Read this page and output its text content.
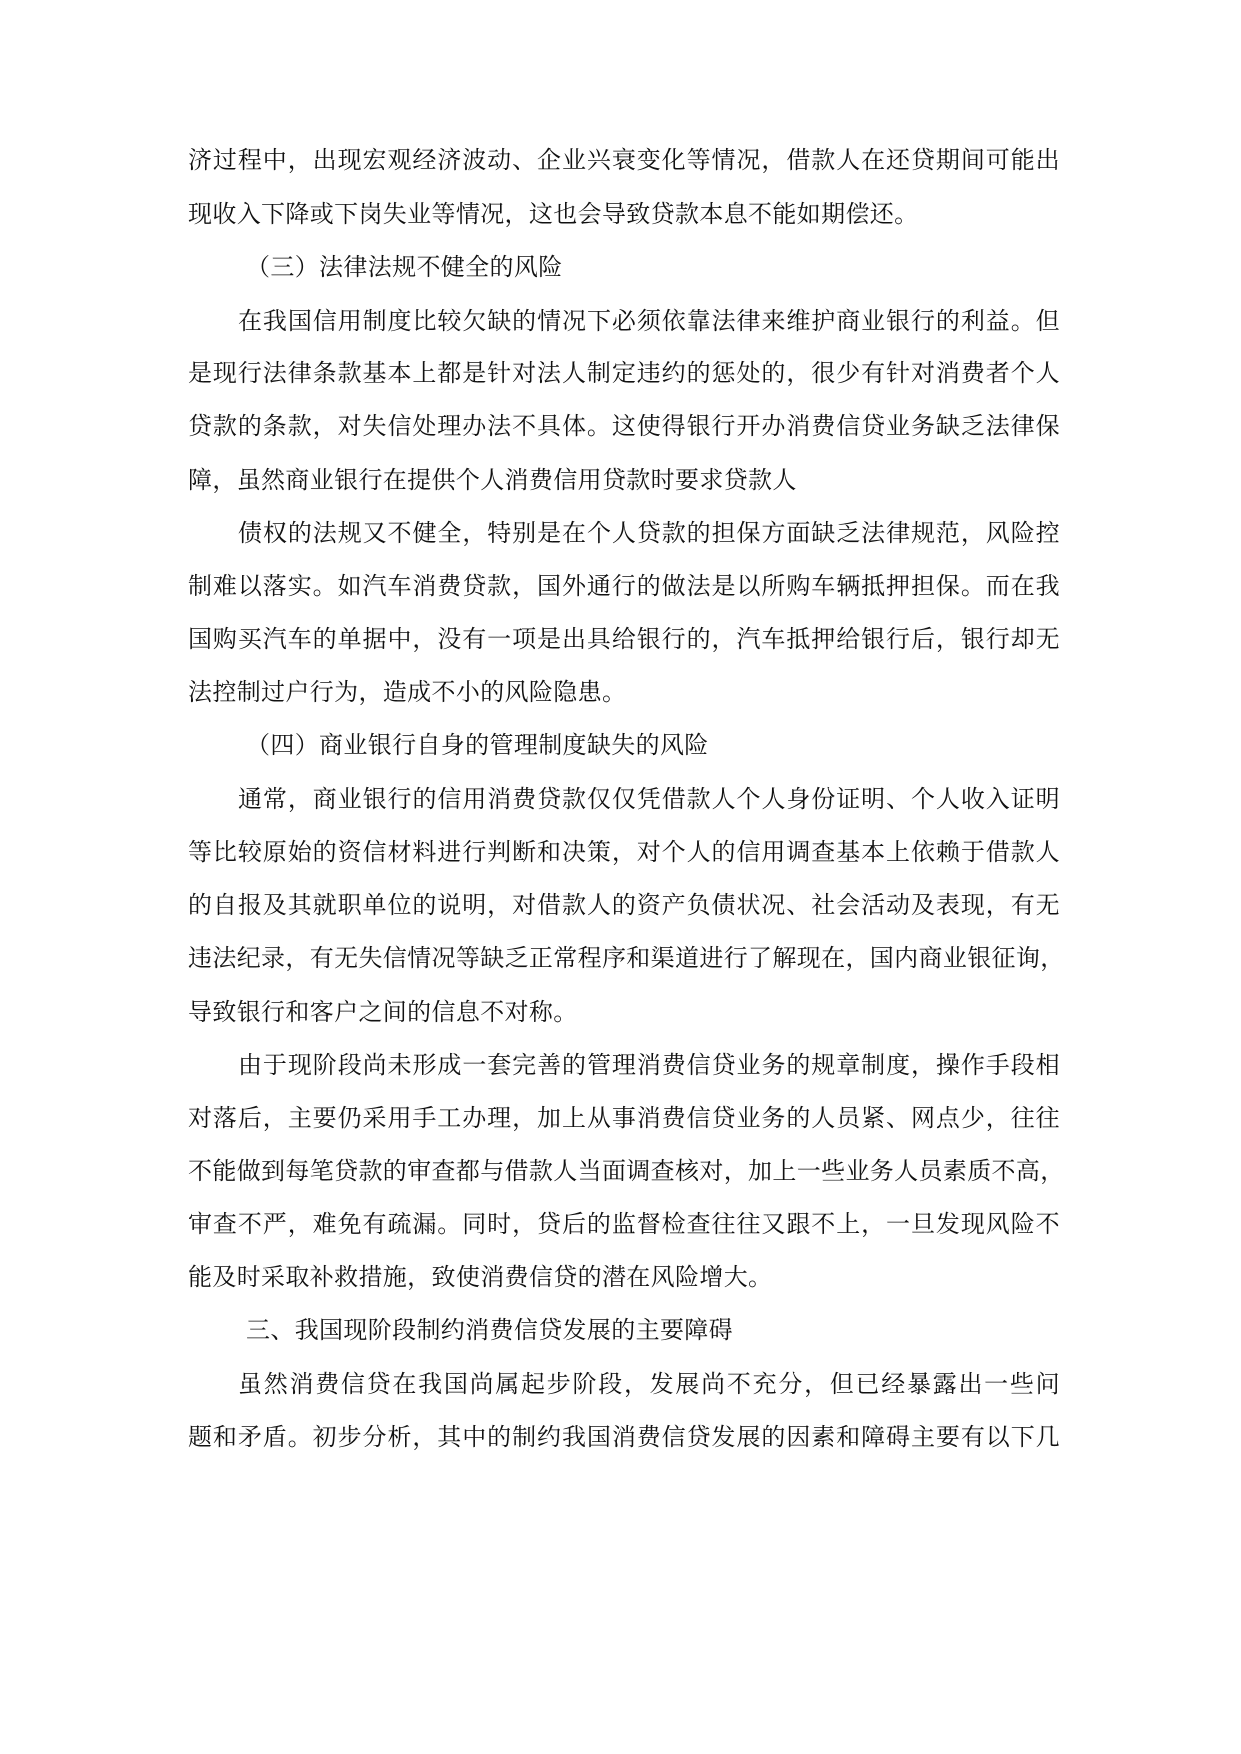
济过程中，出现宏观经济波动、企业兴衰变化等情况，借款人在还贷期间可能出
现收入下降或下岗失业等情况，这也会导致贷款本息不能如期偿还。
（三）法律法规不健全的风险
在我国信用制度比较欠缺的情况下必须依靠法律来维护商业银行的利益。但
是现行法律条款基本上都是针对法人制定违约的惩处的，很少有针对消费者个人
贷款的条款，对失信处理办法不具体。这使得银行开办消费信贷业务缺乏法律保
障，虽然商业银行在提供个人消费信用贷款时要求贷款人
债权的法规又不健全，特别是在个人贷款的担保方面缺乏法律规范，风险控
制难以落实。如汽车消费贷款，国外通行的做法是以所购车辆抵押担保。而在我
国购买汽车的单据中，没有一项是出具给银行的，汽车抵押给银行后，银行却无
法控制过户行为，造成不小的风险隐患。
（四）商业银行自身的管理制度缺失的风险
通常，商业银行的信用消费贷款仅仅凭借款人个人身份证明、个人收入证明
等比较原始的资信材料进行判断和决策，对个人的信用调查基本上依赖于借款人
的自报及其就职单位的说明，对借款人的资产负债状况、社会活动及表现，有无
违法纪录，有无失信情况等缺乏正常程序和渠道进行了解现在，国内商业银征询，
导致银行和客户之间的信息不对称。
由于现阶段尚未形成一套完善的管理消费信贷业务的规章制度，操作手段相
对落后，主要仍采用手工办理，加上从事消费信贷业务的人员紧、网点少，往往
不能做到每笔贷款的审查都与借款人当面调查核对，加上一些业务人员素质不高，
审查不严，难免有疏漏。同时，贷后的监督检查往往又跟不上，一旦发现风险不
能及时采取补救措施，致使消费信贷的潜在风险增大。
三、我国现阶段制约消费信贷发展的主要障碍
虽然消费信贷在我国尚属起步阶段，发展尚不充分，但已经暴露出一些问
题和矛盾。初步分析，其中的制约我国消费信贷发展的因素和障碍主要有以下几
